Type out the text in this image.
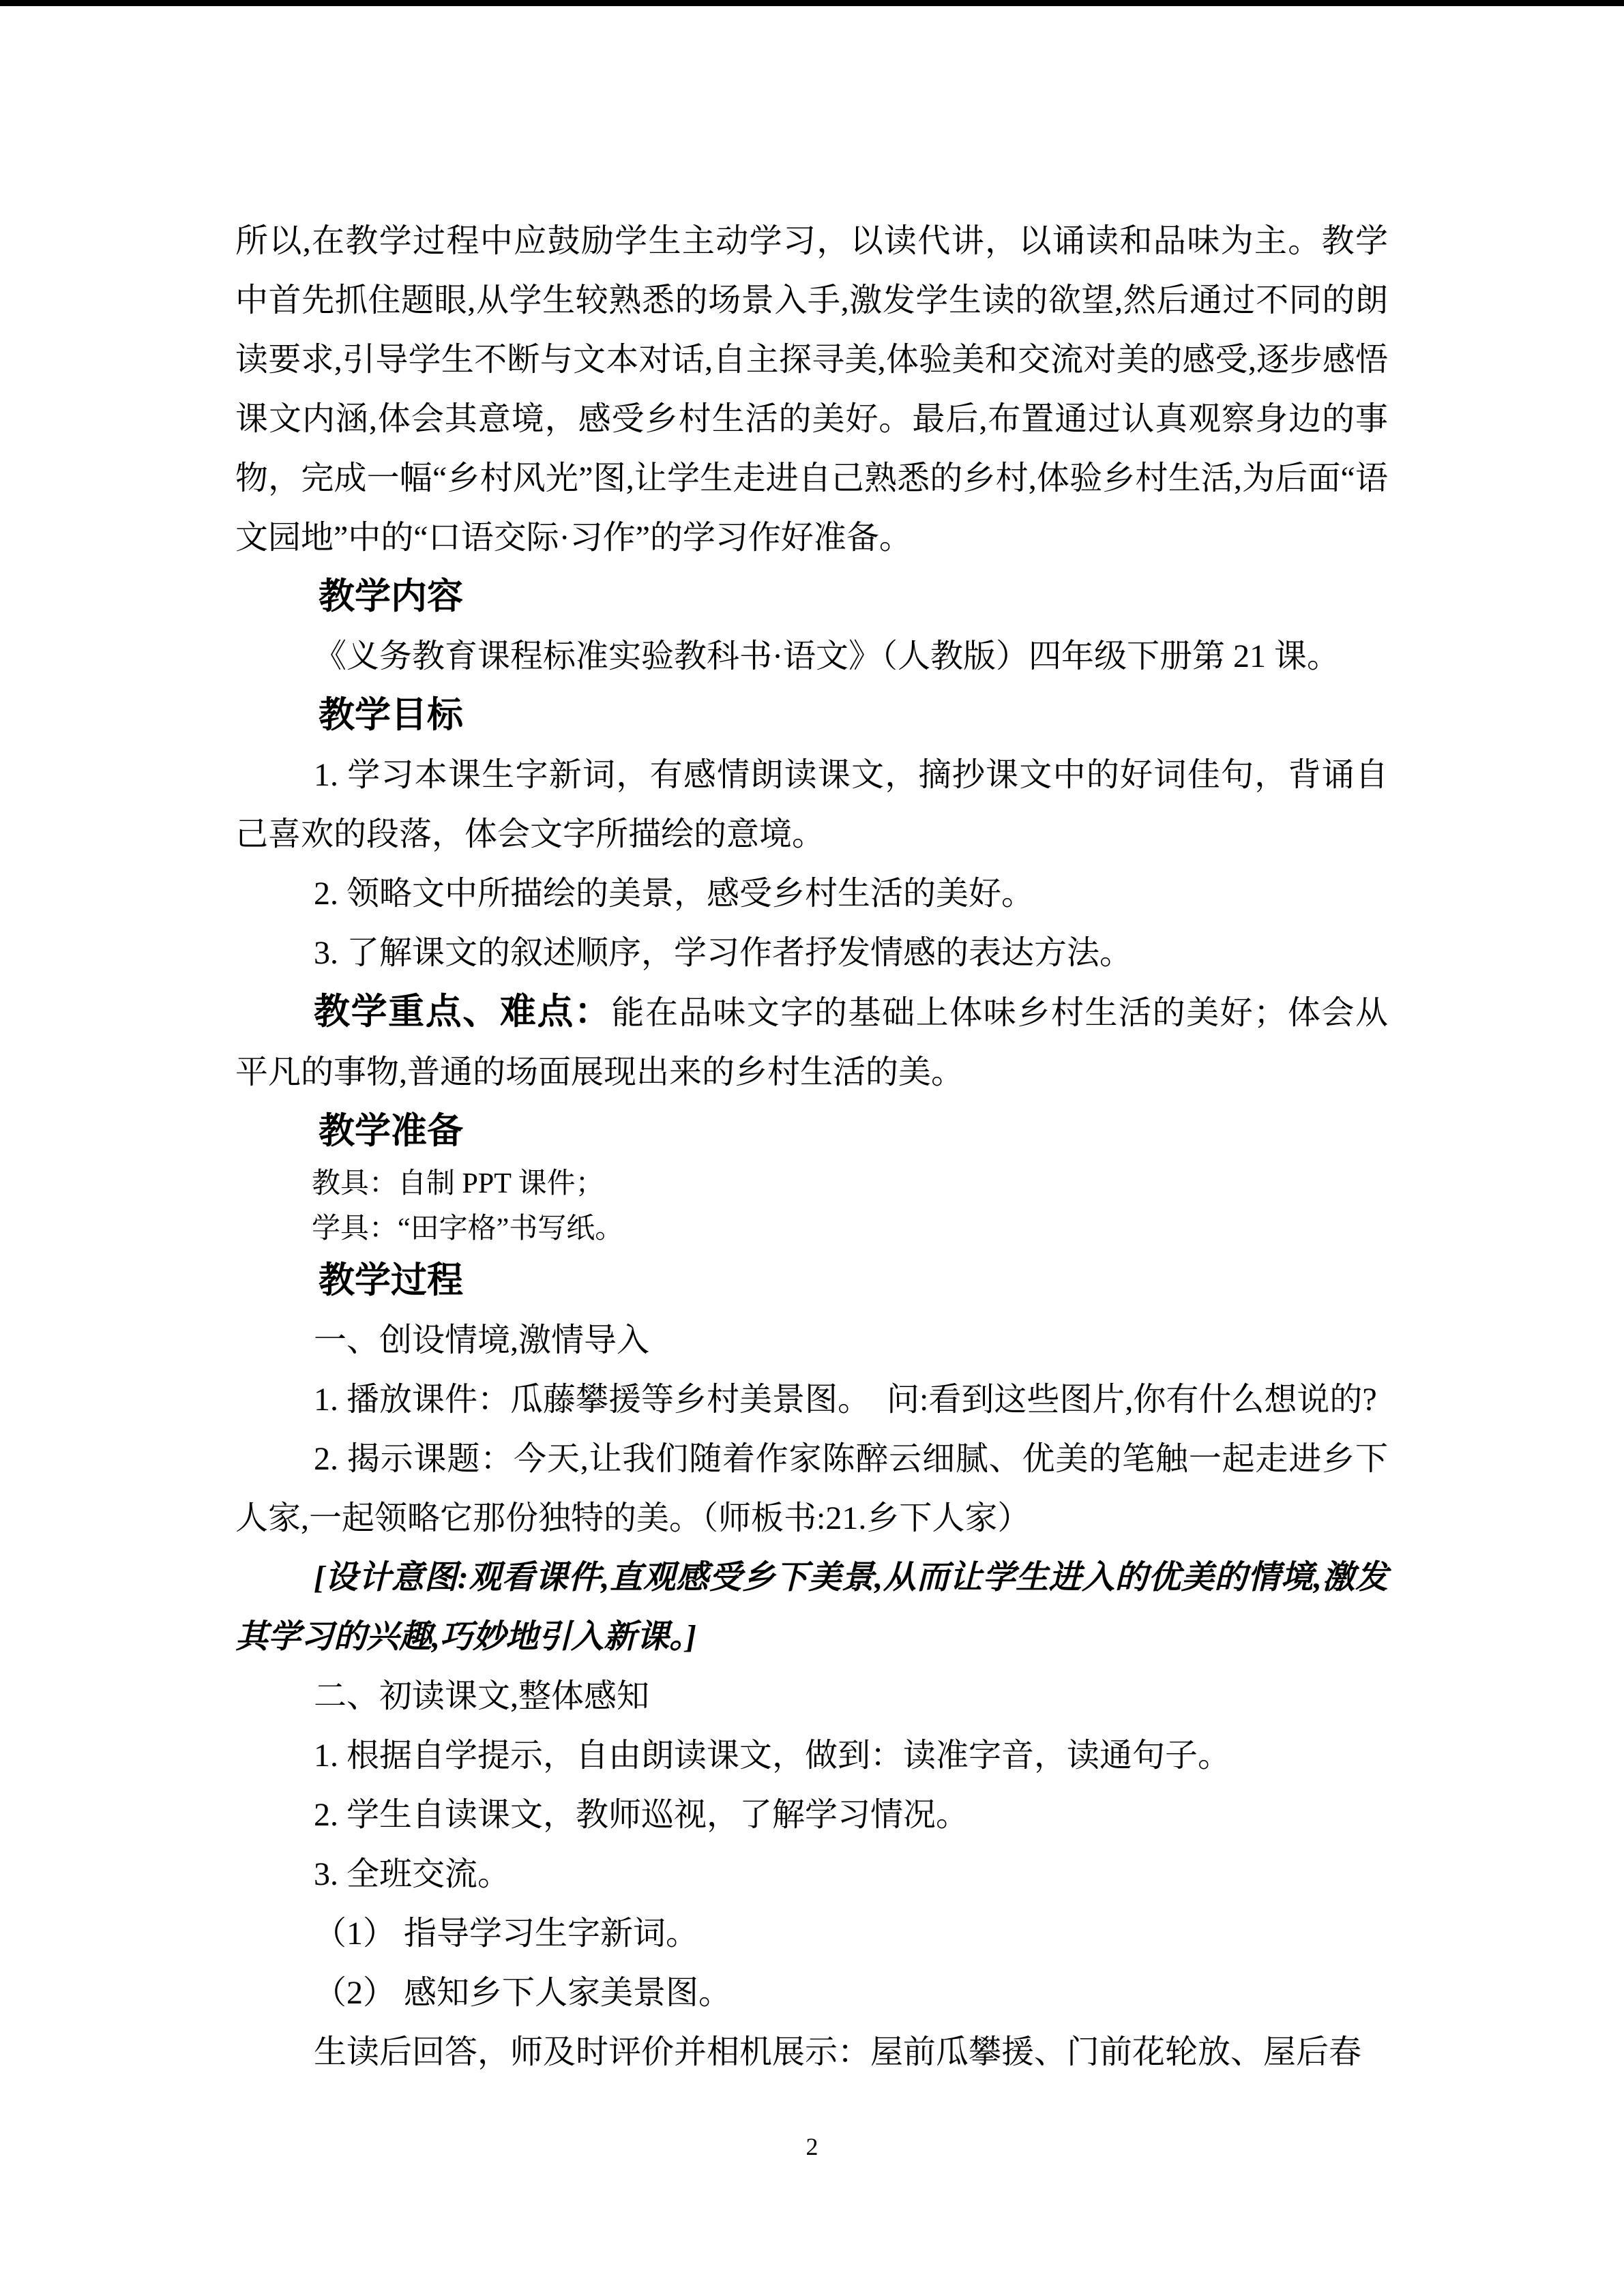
所以,在教学过程中应鼓励学生主动学习，以读代讲，以诵读和品味为主。教学中首先抓住题眼,从学生较熟悉的场景入手,激发学生读的欲望,然后通过不同的朗读要求,引导学生不断与文本对话,自主探寻美,体验美和交流对美的感受,逐步感悟课文内涵,体会其意境，感受乡村生活的美好。最后,布置通过认真观察身边的事物，完成一幅“乡村风光”图,让学生走进自己熟悉的乡村,体验乡村生活,为后面“语文园地”中的“口语交际·习作”的学习作好准备。

教学内容

《义务教育课程标准实验教科书·语文》（人教版）四年级下册第 21 课。

教学目标

1. 学习本课生字新词，有感情朗读课文，摘抄课文中的好词佳句，背诵自己喜欢的段落，体会文字所描绘的意境。

2. 领略文中所描绘的美景，感受乡村生活的美好。

3. 了解课文的叙述顺序，学习作者抒发情感的表达方法。

教学重点、难点：能在品味文字的基础上体味乡村生活的美好；体会从平凡的事物,普通的场面展现出来的乡村生活的美。

教学准备

教具：自制 PPT 课件；

学具：“田字格”书写纸。

教学过程

一、创设情境,激情导入

1. 播放课件：瓜藤攀援等乡村美景图。　问:看到这些图片,你有什么想说的?

2. 揭示课题：今天,让我们随着作家陈醉云细腻、优美的笔触一起走进乡下人家,一起领略它那份独特的美。（师板书:21.乡下人家）

[设计意图:观看课件,直观感受乡下美景,从而让学生进入的优美的情境,激发其学习的兴趣,巧妙地引入新课。]

二、初读课文,整体感知

1. 根据自学提示，自由朗读课文，做到：读准字音，读通句子。

2. 学生自读课文，教师巡视，了解学习情况。

3. 全班交流。

（1） 指导学习生字新词。

（2） 感知乡下人家美景图。

生读后回答，师及时评价并相机展示：屋前瓜攀援、门前花轮放、屋后春

2
